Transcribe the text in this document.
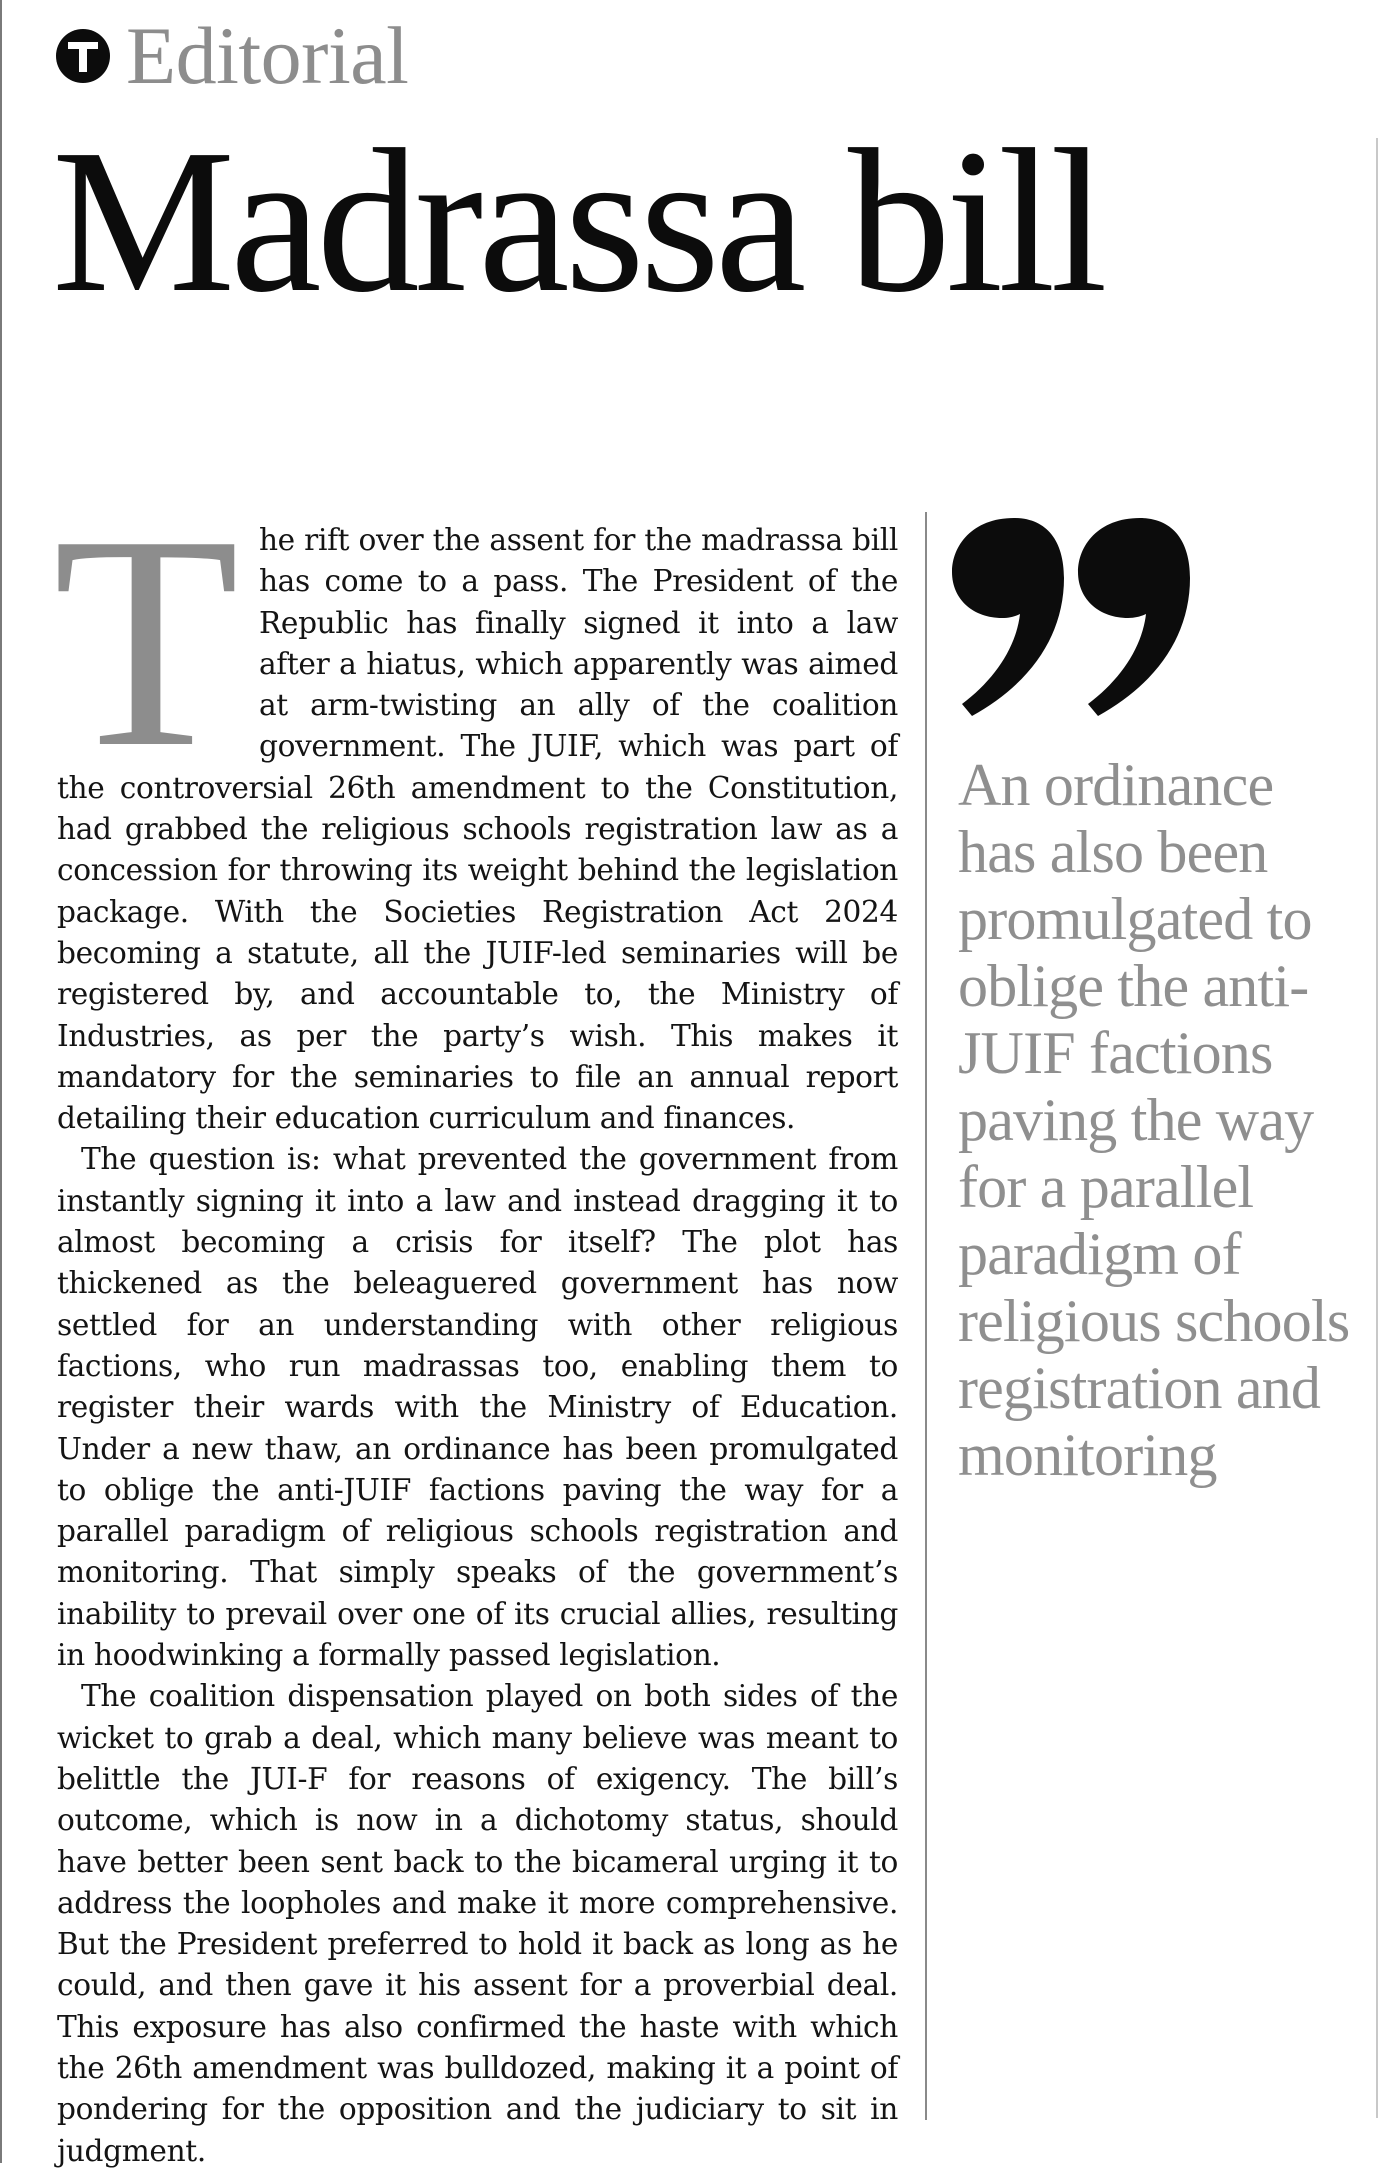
Editorial
Madrassa bill
T he rift over the assent for the madrassa bill has come to a pass. The President of the Republic has finally signed it into a law after a hiatus, which apparently was aimed at arm-twisting an ally of the coalition government. The JUIF, which was part of the controversial 26th amendment to the Constitution, had grabbed the religious schools registration law as a concession for throwing its weight behind the legislation package. With the Societies Registration Act 2024 becoming a statute, all the JUIF-led seminaries will be registered by, and accountable to, the Ministry of Industries, as per the party’s wish. This makes it mandatory for the seminaries to file an annual report detailing their education curriculum and finances.

The question is: what prevented the government from instantly signing it into a law and instead dragging it to almost becoming a crisis for itself? The plot has thickened as the beleaguered government has now settled for an understanding with other religious factions, who run madrassas too, enabling them to register their wards with the Ministry of Education. Under a new thaw, an ordinance has been promulgated to oblige the anti-JUIF factions paving the way for a parallel paradigm of religious schools registration and monitoring. That simply speaks of the government’s inability to prevail over one of its crucial allies, resulting in hoodwinking a formally passed legislation.

The coalition dispensation played on both sides of the wicket to grab a deal, which many believe was meant to belittle the JUI-F for reasons of exigency. The bill’s outcome, which is now in a dichotomy status, should have better been sent back to the bicameral urging it to address the loopholes and make it more comprehensive. But the President preferred to hold it back as long as he could, and then gave it his assent for a proverbial deal. This exposure has also confirmed the haste with which the 26th amendment was bulldozed, making it a point of pondering for the opposition and the judiciary to sit in judgment.

An ordinance has also been promulgated to oblige the anti-JUIF factions paving the way for a parallel paradigm of religious schools registration and monitoring
